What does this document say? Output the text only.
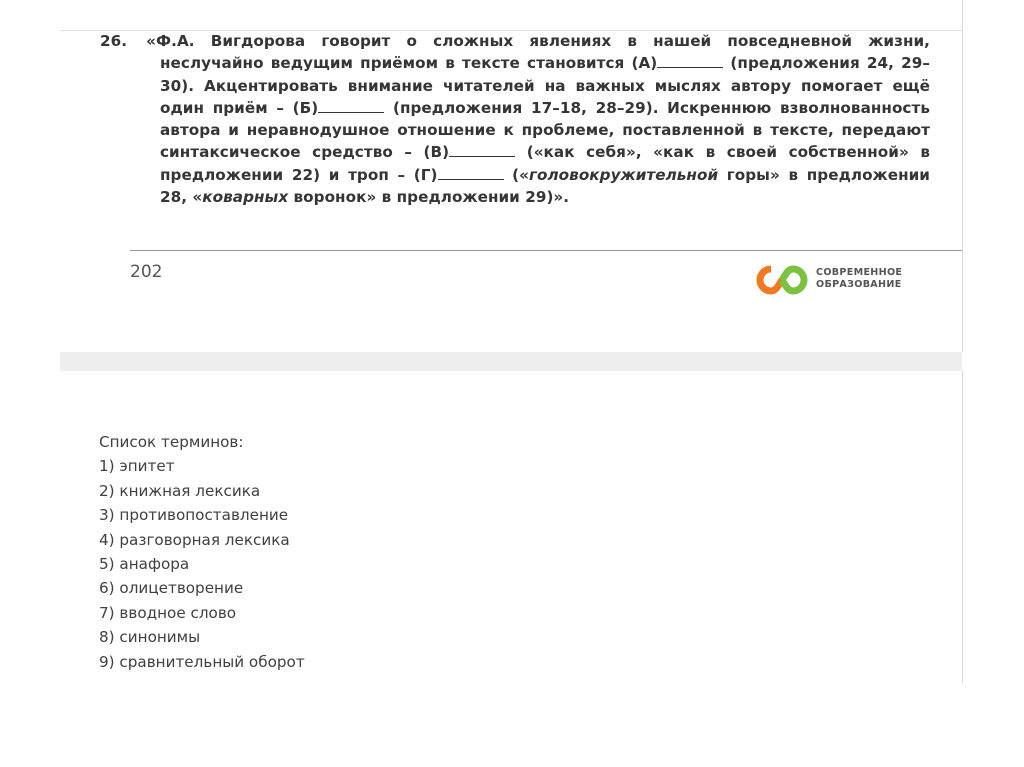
«Ф.А. Вигдорова говорит о сложных явлениях в нашей повседневной жизни, неслучайно ведущим приёмом в тексте становится (А)	(предложения 24, 29–30). Акцентировать внимание читателей на важных мыслях автору помогает ещё один приём – (Б)	(предложения 17–18, 28–29). Искреннюю взволнованность автора и неравнодушное отношение к проблеме, поставленной в тексте, передают синтаксическое средство – (В)	(«как себя», «как в своей собственной» в предложении 22) и троп – (Г)	(«головокружительной горы» в предложении 28, «коварных воронок» в предложении 29)».
202	СОВРЕМЕННОЕ
ОБРАЗОВАНИЕ
Список терминов:
1) эпитет
2) книжная лексика
3) противопоставление
4) разговорная лексика
5) анафора
6) олицетворение
7) вводное слово
8) синонимы
9) сравнительный оборот
